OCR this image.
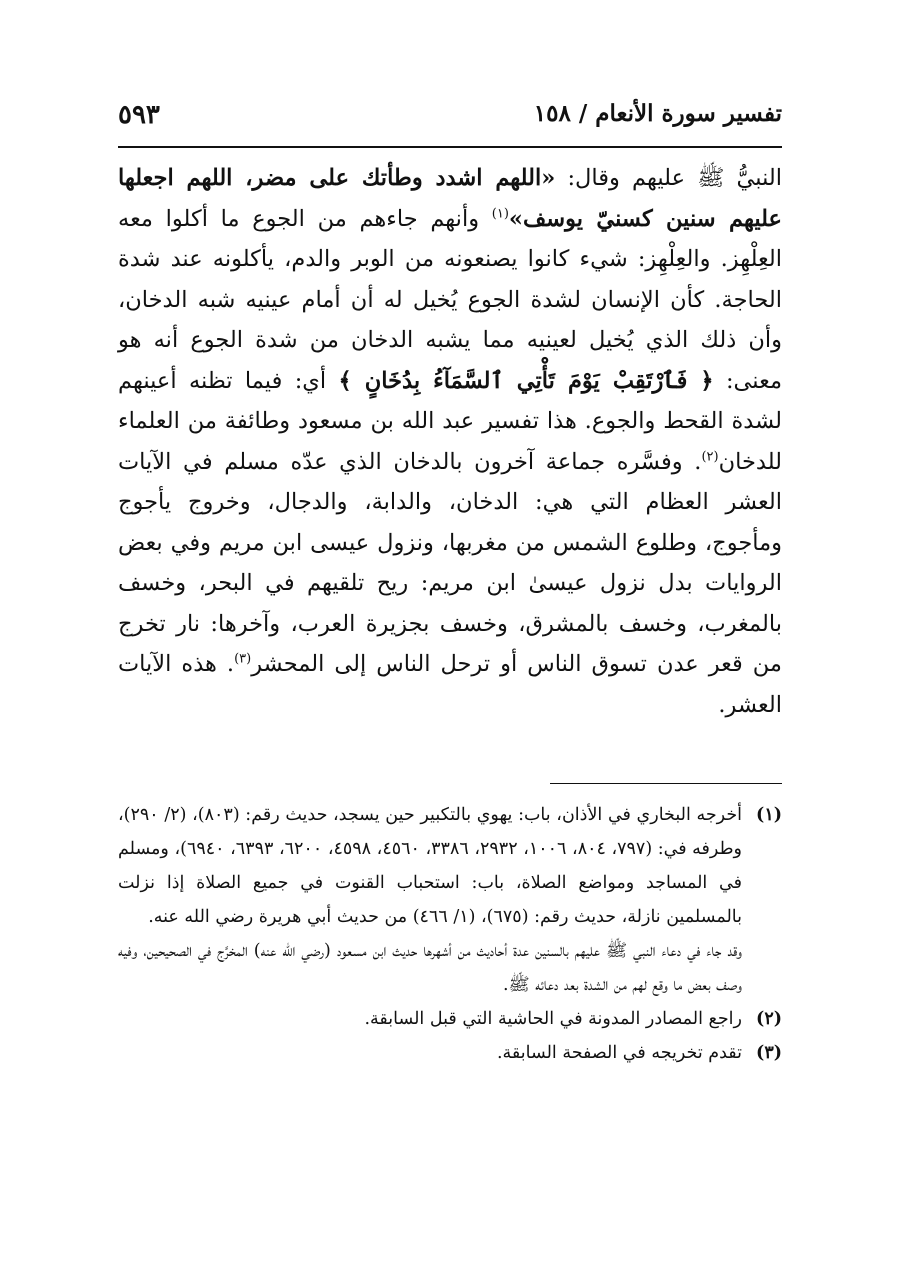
تفسير سورة الأنعام / ١٥٨
٥٩٣

النبيُّ ﷺ عليهم وقال: «اللهم اشدد وطأتك على مضر، اللهم اجعلها عليهم سنين كسنيّ يوسف»$^{(١)}$ وأنهم جاءهم من الجوع ما أكلوا معه العِلْهِز. والعِلْهِز: شيء كانوا يصنعونه من الوبر والدم، يأكلونه عند شدة الحاجة. كأن الإنسان لشدة الجوع يُخيل له أن أمام عينيه شبه الدخان، وأن ذلك الذي يُخيل لعينيه مما يشبه الدخان من شدة الجوع أنه هو معنى: ﴿ فَٱرْتَقِبْ يَوْمَ تَأْتِي ٱلسَّمَآءُ بِدُخَانٍ ﴾ أي: فيما تظنه أعينهم لشدة القحط والجوع. هذا تفسير عبد الله بن مسعود وطائفة من العلماء للدخان$^{(٢)}$. وفسَّره جماعة آخرون بالدخان الذي عدّه مسلم في الآيات العشر العظام التي هي: الدخان، والدابة، والدجال، وخروج يأجوج ومأجوج، وطلوع الشمس من مغربها، ونزول عيسى ابن مريم وفي بعض الروايات بدل نزول عيسىٰ ابن مريم: ريح تلقيهم في البحر، وخسف بالمغرب، وخسف بالمشرق، وخسف بجزيرة العرب، وآخرها: نار تخرج من قعر عدن تسوق الناس أو ترحل الناس إلى المحشر$^{(٣)}$. هذه الآيات العشر.

(١)
أخرجه البخاري في الأذان، باب: يهوي بالتكبير حين يسجد، حديث رقم: (٨٠٣)، (٢/ ٢٩٠)، وطرفه في: (٧٩٧، ٨٠٤، ١٠٠٦، ٢٩٣٢، ٣٣٨٦، ٤٥٦٠، ٤٥٩٨، ٦٢٠٠، ٦٣٩٣، ٦٩٤٠)، ومسلم في المساجد ومواضع الصلاة، باب: استحباب القنوت في جميع الصلاة إذا نزلت بالمسلمين نازلة، حديث رقم: (٦٧٥)، (١/ ٤٦٦) من حديث أبي هريرة رضي الله عنه.
وقد جاء في دعاء النبي ﷺ عليهم بالسنين عدة أحاديث من أشهرها حديث ابن مسعود (رضي الله عنه) المخرَّج في الصحيحين، وفيه وصف بعض ما وقع لهم من الشدة بعد دعائه ﷺ.
(٢)
راجع المصادر المدونة في الحاشية التي قبل السابقة.
(٣)
تقدم تخريجه في الصفحة السابقة.
